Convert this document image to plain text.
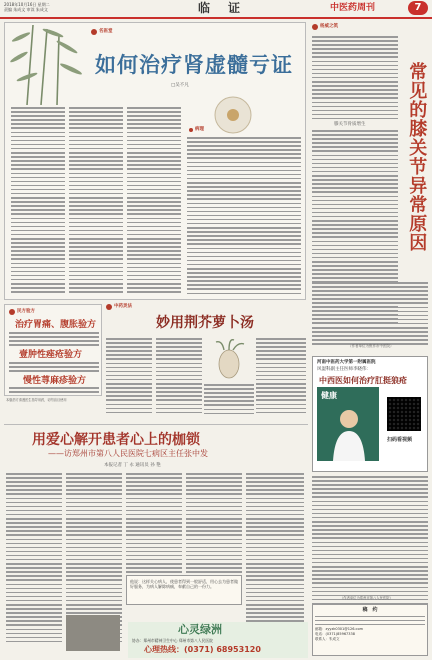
2018年10月16日 星期二
责编 朱成文 审读 朱成文	临　证	中医药周刊	7
名医堂
如何治疗肾虚髓亏证
□吴不凡
病理
杨威之筑
常见的膝关节异常原因
膝关节骨质增生
（作者单位为焦作市中医院）
民方验方
治疗胃痛、腹胀验方
壹肿性痤疮验方
慢性荨麻疹验方
本版药方请遵医生指导用药，切勿盲目使用
中药灵法
妙用荆芥萝卜汤
河南中医药大学第一附属医院
风湿科副主任医师李晓伟：
中西医如何治疗肛挺狼疮
健康
扫码看视频
用爱心解开患者心上的枷锁
——访郑州市第八人民医院七病区主任张中发
本报记者 丁 永 通讯员 孙 艳
他说：这样关心病人，使患者得到一般舒适，用心去为患者做好服务，为病人解除病痛，奉献自己的一份力。
心灵绿洲
协办：郑州市精神卫生中心 郑州市第八人民医院
心理热线：(0371) 68953120
（作者单位为郑州市第八人民医院）
稿　约
邮箱：zyyzk0301@126.com
电话：(0371)85967338
联系人：朱成文
